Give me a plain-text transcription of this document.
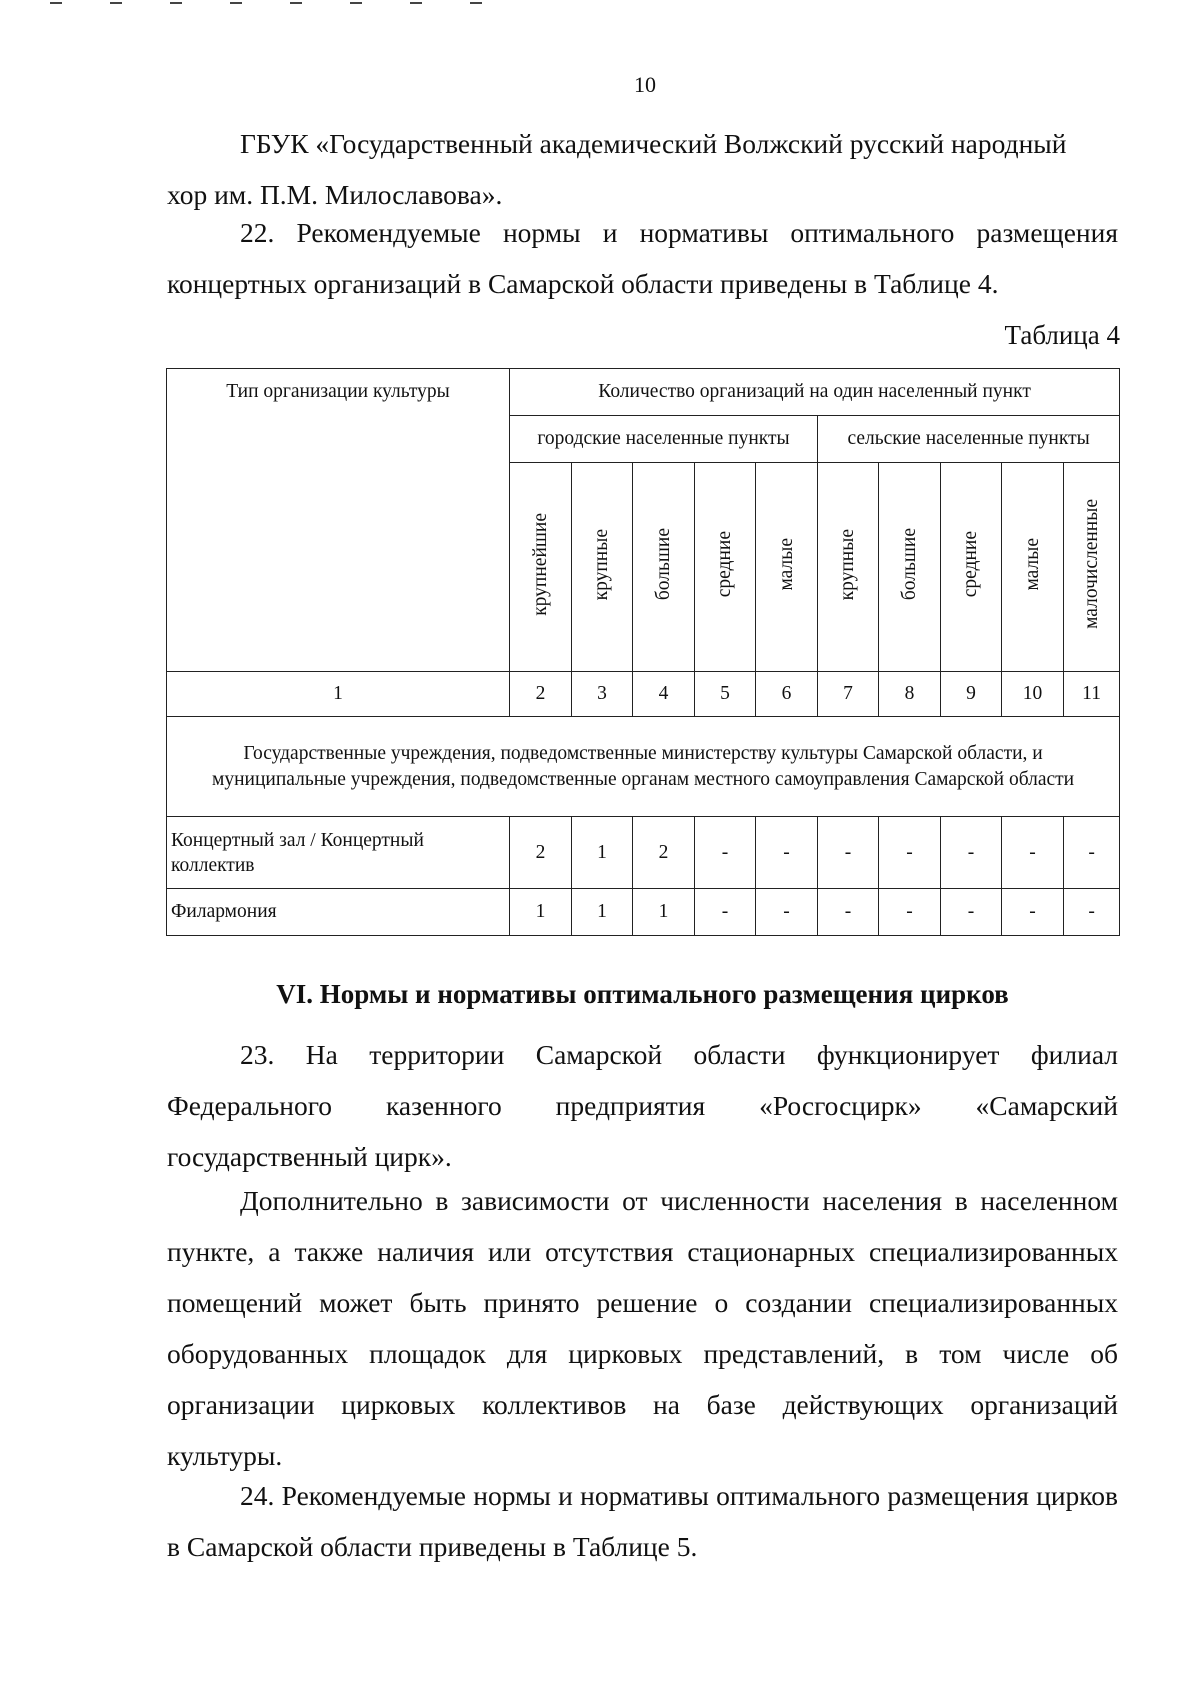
10

ГБУК «Государственный академический Волжский русский народный
хор им. П.М. Милославова».

22. Рекомендуемые нормы и нормативы оптимального размещения концертных организаций в Самарской области приведены в Таблице 4.

Таблица 4
Тип организации культуры	Количество организаций на один населенный пункт									
	городские населенные пункты					сельские населенные пункты				
	крупнейшие	крупные	большие	средние	малые	крупные	большие	средние	малые	малочисленные
1	2	3	4	5	6	7	8	9	10	11
Государственные учреждения, подведомственные министерству культуры Самарской области, и муниципальные учреждения, подведомственные органам местного самоуправления Самарской области										
Концертный зал / Концертный коллектив	2	1	2	-	-	-	-	-	-	-
Филармония	1	1	1	-	-	-	-	-	-	-
VI. Нормы и нормативы оптимального размещения цирков

23. На территории Самарской области функционирует филиал Федерального казенного предприятия «Росгосцирк» «Самарский государственный цирк».

Дополнительно в зависимости от численности населения в населенном пункте, а также наличия или отсутствия стационарных специализированных помещений может быть принято решение о создании специализированных оборудованных площадок для цирковых представлений, в том числе об организации цирковых коллективов на базе действующих организаций культуры.

24. Рекомендуемые нормы и нормативы оптимального размещения цирков в Самарской области приведены в Таблице 5.
